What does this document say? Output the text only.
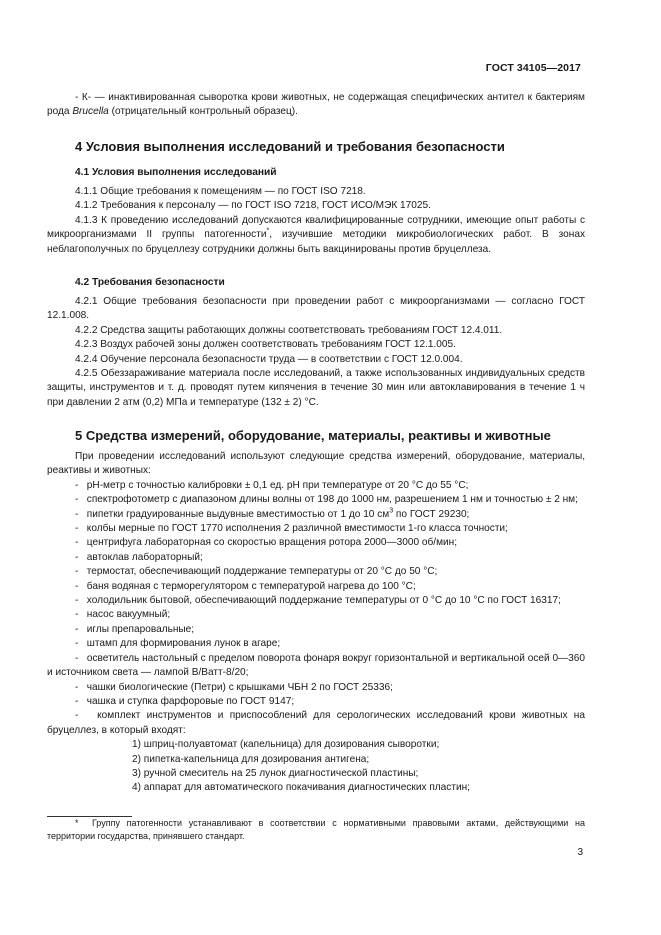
ГОСТ 34105—2017

- К- — инактивированная сыворотка крови животных, не содержащая специфических антител к бактериям рода Brucella (отрицательный контрольный образец).

4 Условия выполнения исследований и требования безопасности
4.1 Условия выполнения исследований

4.1.1 Общие требования к помещениям — по ГОСТ ISO 7218.

4.1.2 Требования к персоналу — по ГОСТ ISO 7218, ГОСТ ИСО/МЭК 17025.

4.1.3 К проведению исследований допускаются квалифицированные сотрудники, имеющие опыт работы с микроорганизмами II группы патогенности*, изучившие методики микробиологических работ. В зонах неблагополучных по бруцеллезу сотрудники должны быть вакцинированы против бруцеллеза.

4.2 Требования безопасности

4.2.1 Общие требования безопасности при проведении работ с микроорганизмами — согласно ГОСТ 12.1.008.

4.2.2 Средства защиты работающих должны соответствовать требованиям ГОСТ 12.4.011.

4.2.3 Воздух рабочей зоны должен соответствовать требованиям ГОСТ 12.1.005.

4.2.4 Обучение персонала безопасности труда — в соответствии с ГОСТ 12.0.004.

4.2.5 Обеззараживание материала после исследований, а также использованных индивидуальных средств защиты, инструментов и т. д. проводят путем кипячения в течение 30 мин или автоклавирования в течение 1 ч при давлении 2 атм (0,2) МПа и температуре (132 ± 2) °С.

5 Средства измерений, оборудование, материалы, реактивы и животные

При проведении исследований используют следующие средства измерений, оборудование, материалы, реактивы и животных:

- рН-метр с точностью калибровки ± 0,1 ед. рН при температуре от 20 °С до 55 °С;

- спектрофотометр с диапазоном длины волны от 198 до 1000 нм, разрешением 1 нм и точностью ± 2 нм;

- пипетки градуированные выдувные вместимостью от 1 до 10 $см^3$ по ГОСТ 29230;

- колбы мерные по ГОСТ 1770 исполнения 2 различной вместимости 1-го класса точности;

- центрифуга лабораторная со скоростью вращения ротора 2000—3000 об/мин;

- автоклав лабораторный;

- термостат, обеспечивающий поддержание температуры от 20 °С до 50 °С;

- баня водяная с терморегулятором с температурой нагрева до 100 °С;

- холодильник бытовой, обеспечивающий поддержание температуры от 0 °С до 10 °С по ГОСТ 16317;

- насос вакуумный;

- иглы препаровальные;

- штамп для формирования лунок в агаре;

- осветитель настольный с пределом поворота фонаря вокруг горизонтальной и вертикальной осей 0—360 и источником света — лампой В/Ватт-8/20;

- чашки биологические (Петри) с крышками ЧБН 2 по ГОСТ 25336;

- чашка и ступка фарфоровые по ГОСТ 9147;

- комплект инструментов и приспособлений для серологических исследований крови животных на бруцеллез, в который входят:

1) шприц-полуавтомат (капельница) для дозирования сыворотки;

2) пипетка-капельница для дозирования антигена;

3) ручной смеситель на 25 лунок диагностической пластины;

4) аппарат для автоматического покачивания диагностических пластин;

* Группу патогенности устанавливают в соответствии с нормативными правовыми актами, действующими на территории государства, принявшего стандарт.

3
